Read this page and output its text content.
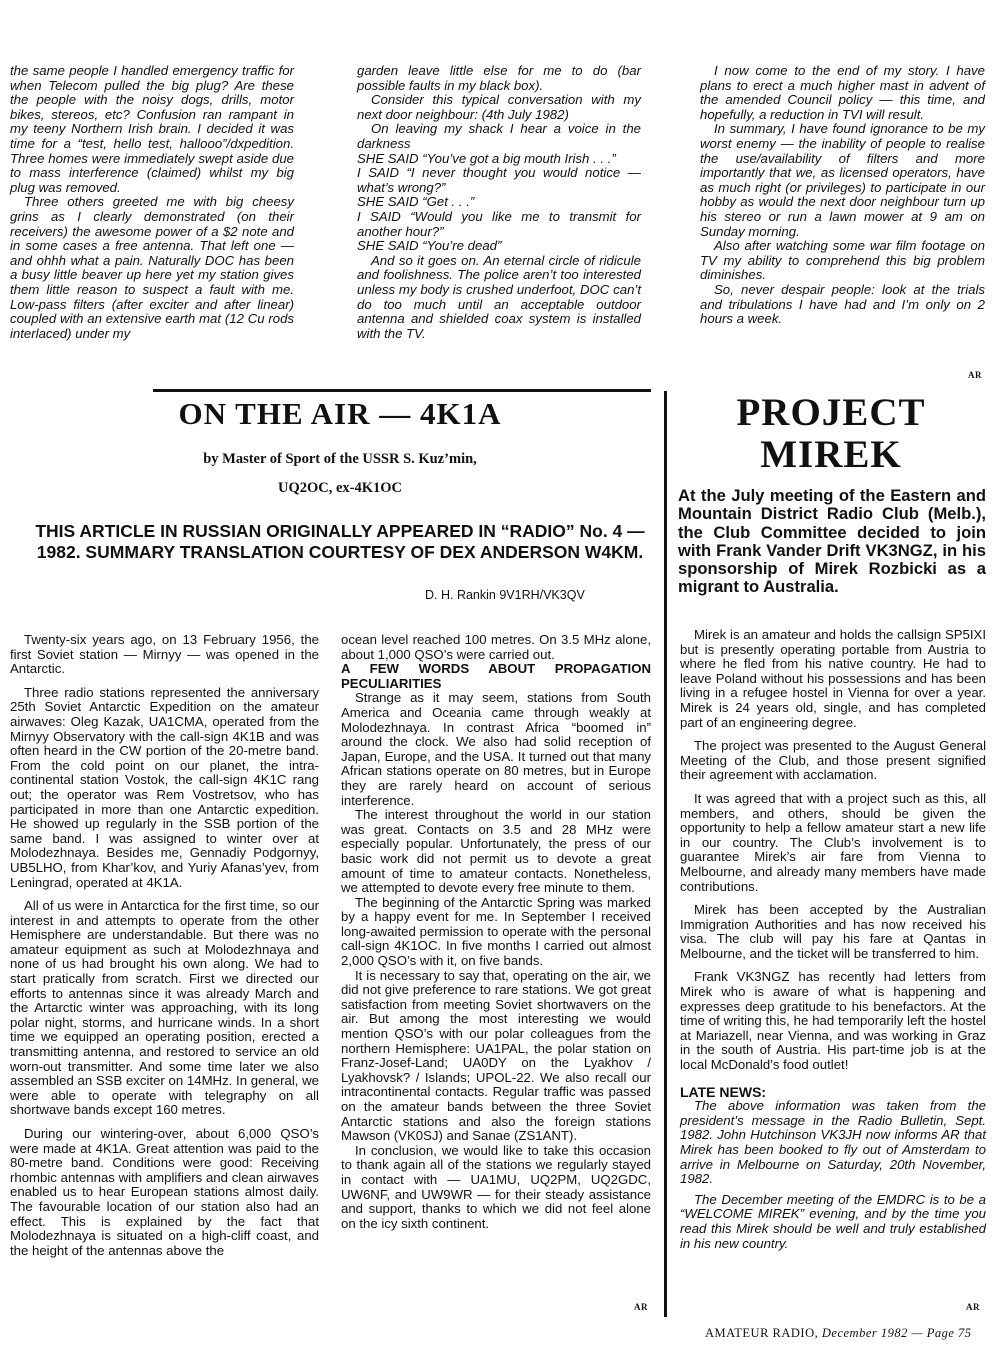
the same people I handled emergency traffic for when Telecom pulled the big plug? Are these the people with the noisy dogs, drills, motor bikes, stereos, etc? Confusion ran rampant in my teeny Northern Irish brain. I decided it was time for a “test, hello test, hallooo”/dxpedition. Three homes were immediately swept aside due to mass interference (claimed) whilst my big plug was removed.

Three others greeted me with big cheesy grins as I clearly demonstrated (on their receivers) the awesome power of a $2 note and in some cases a free antenna. That left one — and ohhh what a pain. Naturally DOC has been a busy little beaver up here yet my station gives them little reason to suspect a fault with me. Low-pass filters (after exciter and after linear) coupled with an extensive earth mat (12 Cu rods interlaced) under my

garden leave little else for me to do (bar possible faults in my black box).

Consider this typical conversation with my next door neighbour: (4th July 1982)

On leaving my shack I hear a voice in the darkness

SHE SAID “You’ve got a big mouth Irish . . .”

I SAID “I never thought you would notice — what’s wrong?”

SHE SAID “Get . . .”

I SAID “Would you like me to transmit for another hour?”

SHE SAID “You’re dead”

And so it goes on. An eternal circle of ridicule and foolishness. The police aren’t too interested unless my body is crushed underfoot, DOC can’t do too much until an acceptable outdoor antenna and shielded coax system is installed with the TV.

I now come to the end of my story. I have plans to erect a much higher mast in advent of the amended Council policy — this time, and hopefully, a reduction in TVI will result.

In summary, I have found ignorance to be my worst enemy — the inability of people to realise the use/availability of filters and more importantly that we, as licensed operators, have as much right (or privileges) to participate in our hobby as would the next door neighbour turn up his stereo or run a lawn mower at 9 am on Sunday morning.

Also after watching some war film footage on TV my ability to comprehend this big problem diminishes.

So, never despair people: look at the trials and tribulations I have had and I’m only on 2 hours a week.

AR
ON THE AIR — 4K1A
by Master of Sport of the USSR S. Kuz’min,
UQ2OC, ex-4K1OC
THIS ARTICLE IN RUSSIAN ORIGINALLY APPEARED IN “RADIO” No. 4 — 1982. SUMMARY TRANSLATION COURTESY OF DEX ANDERSON W4KM.
D. H. Rankin 9V1RH/VK3QV

Twenty-six years ago, on 13 February 1956, the first Soviet station — Mirnyy — was opened in the Antarctic.

Three radio stations represented the anniversary 25th Soviet Antarctic Expedition on the amateur airwaves: Oleg Kazak, UA1CMA, operated from the Mirnyy Observatory with the call-sign 4K1B and was often heard in the CW portion of the 20-metre band. From the cold point on our planet, the intra-continental station Vostok, the call-sign 4K1C rang out; the operator was Rem Vostretsov, who has participated in more than one Antarctic expedition. He showed up regularly in the SSB portion of the same band. I was assigned to winter over at Molodezhnaya. Besides me, Gennadiy Podgornyy, UB5LHO, from Khar’kov, and Yuriy Afanas’yev, from Leningrad, operated at 4K1A.

All of us were in Antarctica for the first time, so our interest in and attempts to operate from the other Hemisphere are understandable. But there was no amateur equipment as such at Molodezhnaya and none of us had brought his own along. We had to start pratically from scratch. First we directed our efforts to antennas since it was already March and the Artarctic winter was approaching, with its long polar night, storms, and hurricane winds. In a short time we equipped an operating position, erected a transmitting antenna, and restored to service an old worn-out transmitter. And some time later we also assembled an SSB exciter on 14MHz. In general, we were able to operate with telegraphy on all shortwave bands except 160 metres.

During our wintering-over, about 6,000 QSO’s were made at 4K1A. Great attention was paid to the 80-metre band. Conditions were good: Receiving rhombic antennas with amplifiers and clean airwaves enabled us to hear European stations almost daily. The favourable location of our station also had an effect. This is explained by the fact that Molodezhnaya is situated on a high-cliff coast, and the height of the antennas above the

ocean level reached 100 metres. On 3.5 MHz alone, about 1,000 QSO’s were carried out.

A FEW WORDS ABOUT PROPAGATION PECULIARITIES

Strange as it may seem, stations from South America and Oceania came through weakly at Molodezhnaya. In contrast Africa “boomed in” around the clock. We also had solid reception of Japan, Europe, and the USA. It turned out that many African stations operate on 80 metres, but in Europe they are rarely heard on account of serious interference.

The interest throughout the world in our station was great. Contacts on 3.5 and 28 MHz were especially popular. Unfortunately, the press of our basic work did not permit us to devote a great amount of time to amateur contacts. Nonetheless, we attempted to devote every free minute to them.

The beginning of the Antarctic Spring was marked by a happy event for me. In September I received long-awaited permission to operate with the personal call-sign 4K1OC. In five months I carried out almost 2,000 QSO’s with it, on five bands.

It is necessary to say that, operating on the air, we did not give preference to rare stations. We got great satisfaction from meeting Soviet shortwavers on the air. But among the most interesting we would mention QSO’s with our polar colleagues from the northern Hemisphere: UA1PAL, the polar station on Franz-Josef-Land; UA0DY on the Lyakhov / Lyakhovsk? / Islands; UPOL-22. We also recall our intracontinental contacts. Regular traffic was passed on the amateur bands between the three Soviet Antarctic stations and also the foreign stations Mawson (VK0SJ) and Sanae (ZS1ANT).

In conclusion, we would like to take this occasion to thank again all of the stations we regularly stayed in contact with — UA1MU, UQ2PM, UQ2GDC, UW6NF, and UW9WR — for their steady assistance and support, thanks to which we did not feel alone on the icy sixth continent.

AR
PROJECT
MIREK
At the July meeting of the Eastern and Mountain District Radio Club (Melb.), the Club Committee decided to join with Frank Vander Drift VK3NGZ, in his sponsorship of Mirek Rozbicki as a migrant to Australia.

Mirek is an amateur and holds the callsign SP5IXI but is presently operating portable from Austria to where he fled from his native country. He had to leave Poland without his possessions and has been living in a refugee hostel in Vienna for over a year. Mirek is 24 years old, single, and has completed part of an engineering degree.

The project was presented to the August General Meeting of the Club, and those present signified their agreement with acclamation.

It was agreed that with a project such as this, all members, and others, should be given the opportunity to help a fellow amateur start a new life in our country. The Club’s involvement is to guarantee Mirek’s air fare from Vienna to Melbourne, and already many members have made contributions.

Mirek has been accepted by the Australian Immigration Authorities and has now received his visa. The club will pay his fare at Qantas in Melbourne, and the ticket will be transferred to him.

Frank VK3NGZ has recently had letters from Mirek who is aware of what is happening and expresses deep gratitude to his benefactors. At the time of writing this, he had temporarily left the hostel at Mariazell, near Vienna, and was working in Graz in the south of Austria. His part-time job is at the local McDonald’s food outlet!

LATE NEWS:

The above information was taken from the president’s message in the Radio Bulletin, Sept. 1982. John Hutchinson VK3JH now informs AR that Mirek has been booked to fly out of Amsterdam to arrive in Melbourne on Saturday, 20th November, 1982.

The December meeting of the EMDRC is to be a “WELCOME MIREK” evening, and by the time you read this Mirek should be well and truly established in his new country.

AR
AMATEUR RADIO, December 1982 — Page 75
